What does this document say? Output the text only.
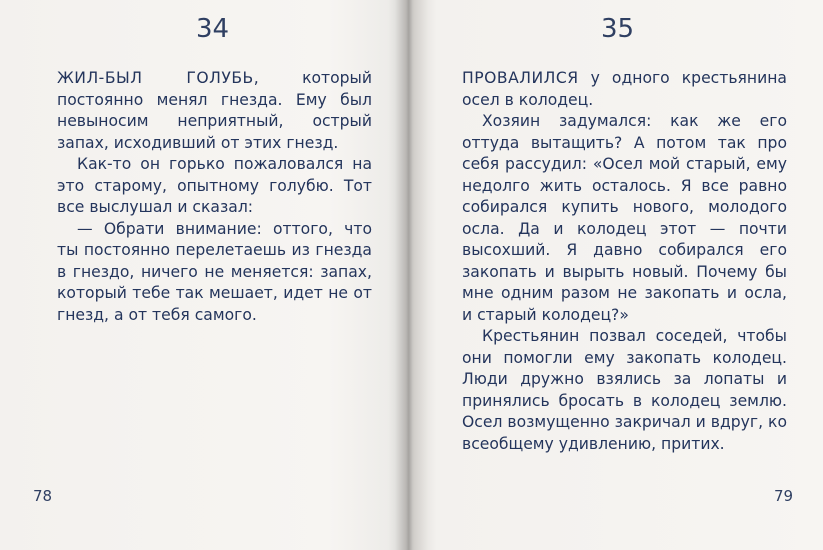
34

ЖИЛ-БЫЛ ГОЛУБЬ, который постоянно менял гнезда. Ему был невыносим неприятный, острый запах, исходивший от этих гнезд.

Как-то он горько пожаловался на это старому, опытному голубю. Тот все выслушал и сказал:

— Обрати внимание: оттого, что ты постоянно перелетаешь из гнезда в гнездо, ничего не меняется: запах, который тебе так мешает, идет не от гнезд, а от тебя самого.

78
35

ПРОВАЛИЛСЯ у одного крестьянина осел в колодец.

Хозяин задумался: как же его оттуда вытащить? А потом так про себя рассудил: «Осел мой старый, ему недолго жить осталось. Я все равно собирался купить нового, молодого осла. Да и колодец этот — почти высохший. Я давно собирался его закопать и вырыть новый. Почему бы мне одним разом не закопать и осла, и старый колодец?»

Крестьянин позвал соседей, чтобы они помогли ему закопать колодец. Люди дружно взялись за лопаты и принялись бросать в колодец землю. Осел возмущенно закричал и вдруг, ко всеобщему удивлению, притих.

79
